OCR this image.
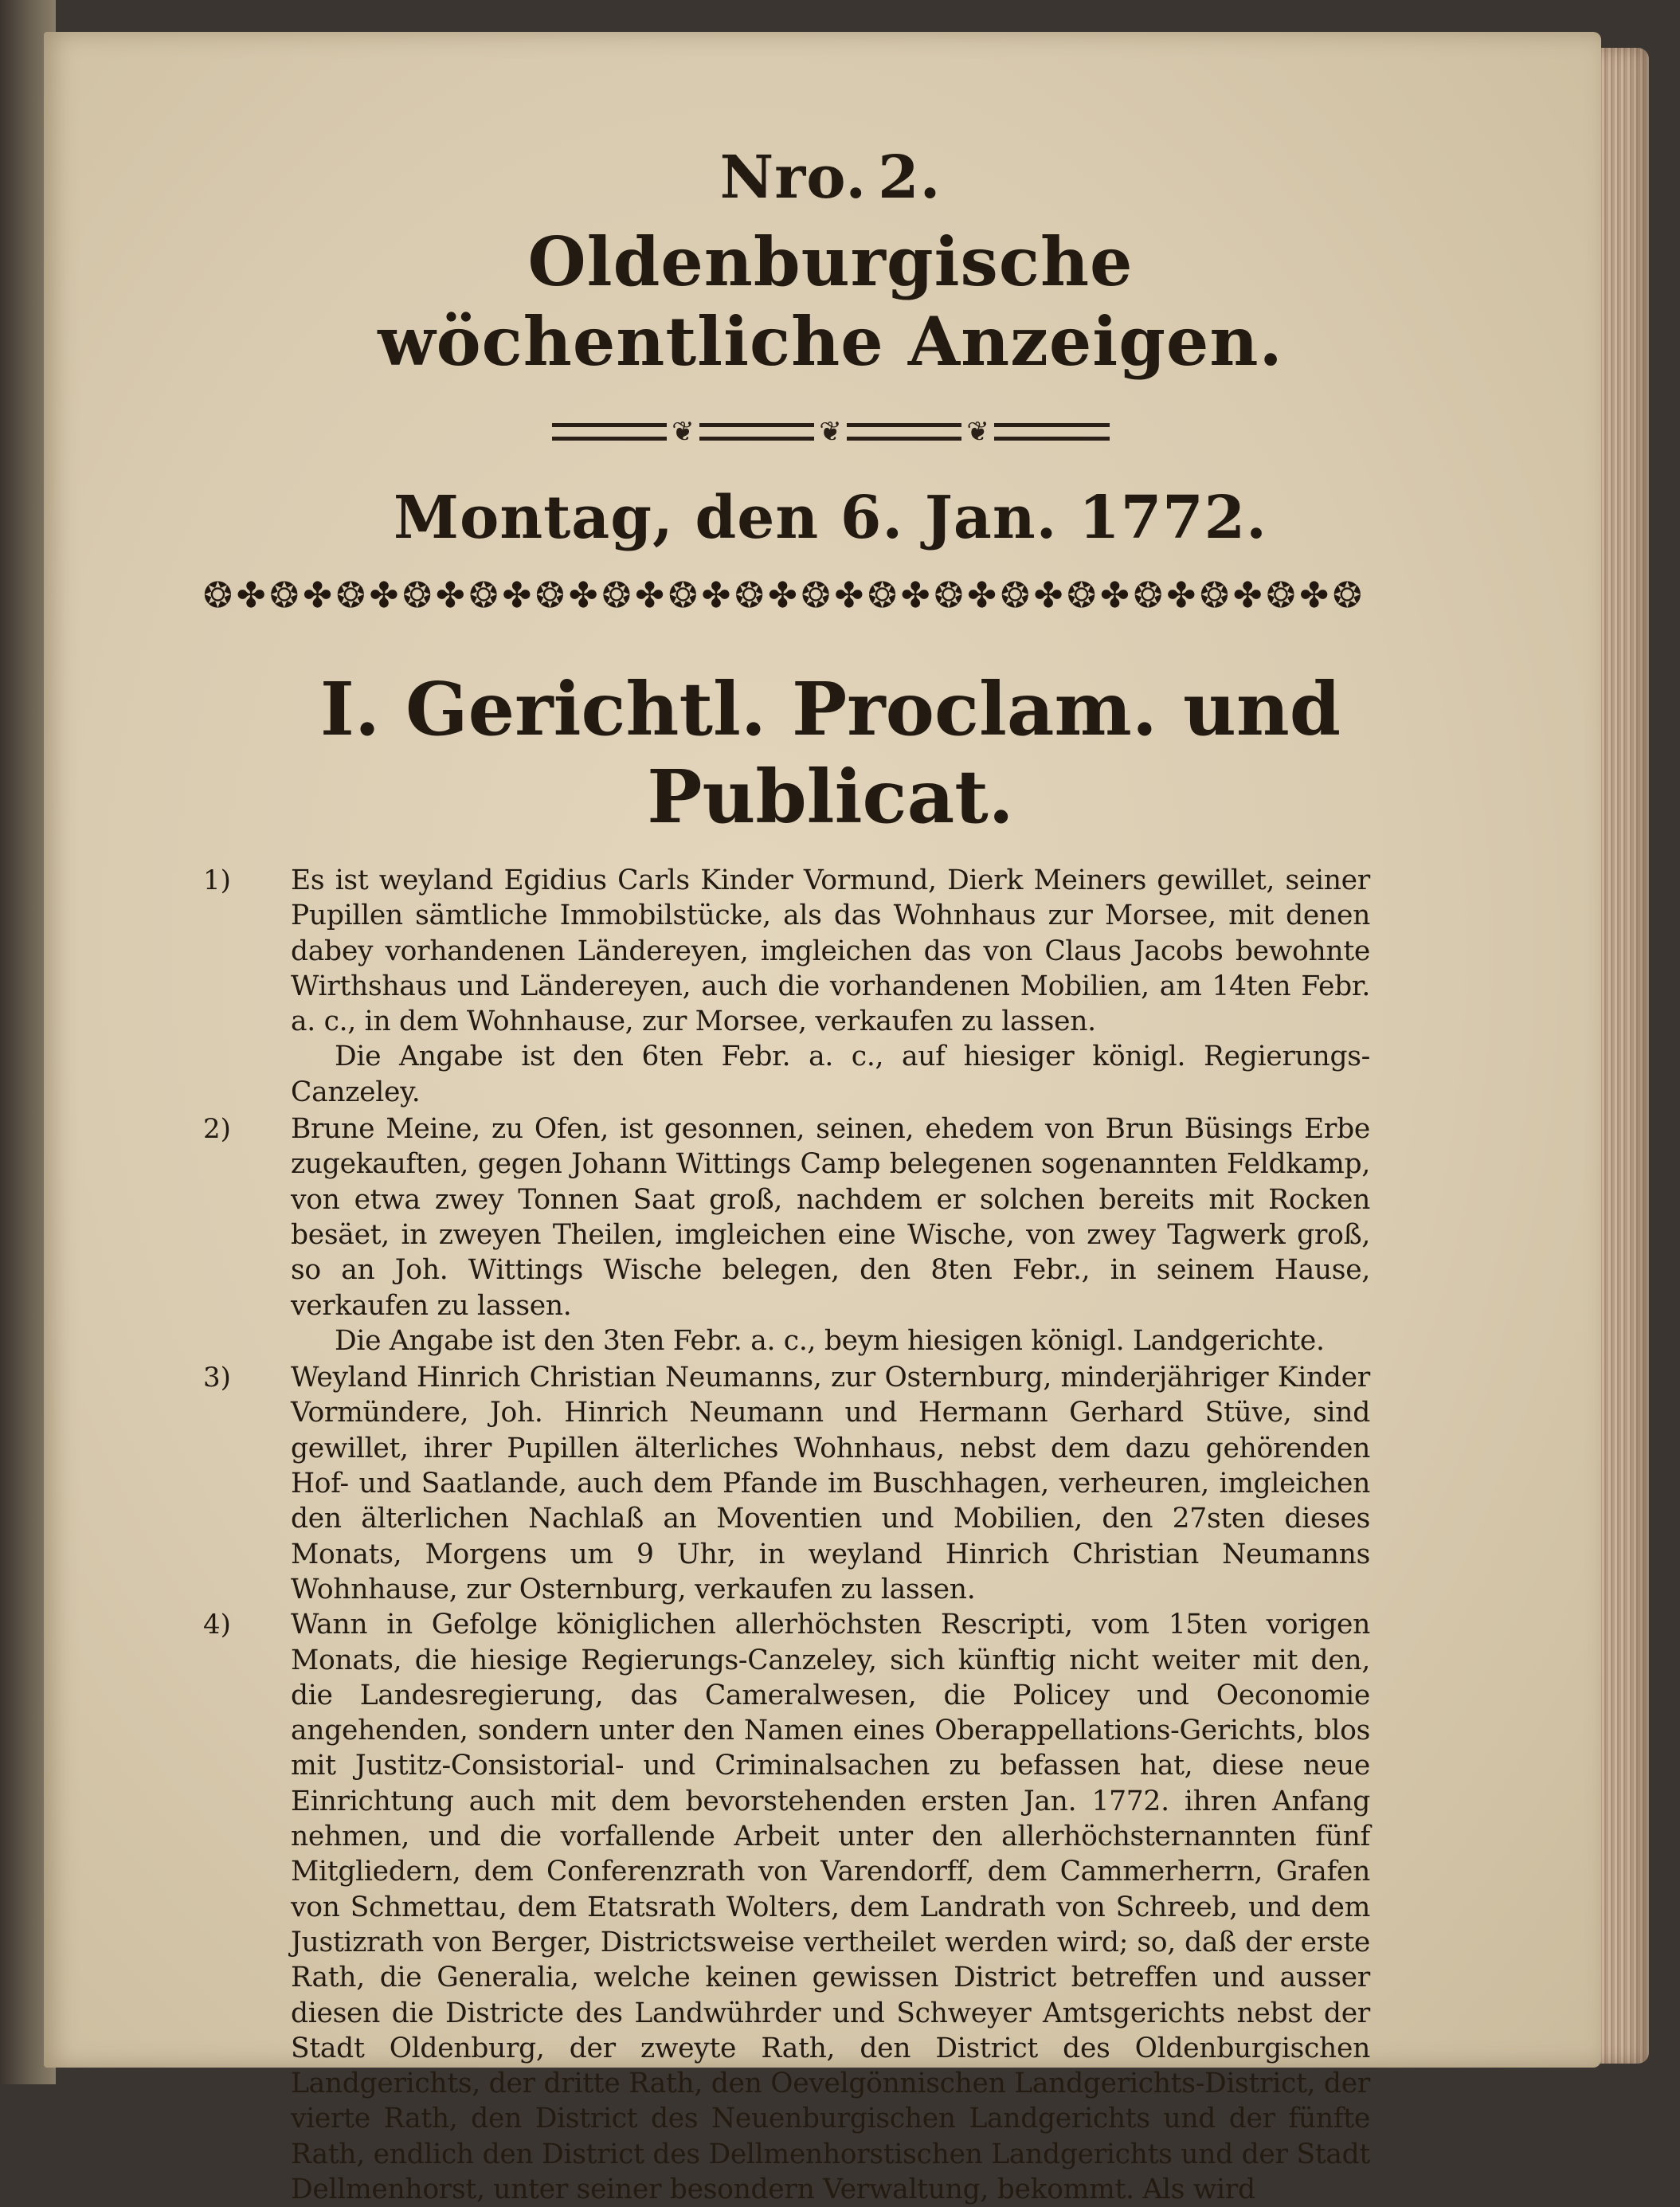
Nro. 2.
Oldenburgische wöchentliche Anzeigen.
❦	❦	❦
Montag, den 6. Jan. 1772.
❂ ✤ ❂ ✤ ❂ ✤ ❂ ✤ ❂ ✤ ❂ ✤ ❂ ✤ ❂ ✤ ❂ ✤ ❂ ✤ ❂ ✤ ❂ ✤ ❂ ✤ ❂ ✤ ❂ ✤ ❂ ✤ ❂ ✤ ❂
I. Gerichtl. Proclam. und Publicat.
1) Es ist weyland Egidius Carls Kinder Vormund, Dierk Meiners gewillet, seiner Pupillen sämtliche Immobilstücke, als das Wohnhaus zur Morsee, mit denen dabey vorhandenen Ländereyen, imgleichen das von Claus Jacobs bewohnte Wirthshaus und Ländereyen, auch die vorhandenen Mobilien, am 14ten Febr. a. c., in dem Wohnhause, zur Morsee, verkaufen zu lassen.

Die Angabe ist den 6ten Febr. a. c., auf hiesiger königl. Regierungs-Canzeley.

2) Brune Meine, zu Ofen, ist gesonnen, seinen, ehedem von Brun Büsings Erbe zugekauften, gegen Johann Wittings Camp belegenen sogenannten Feldkamp, von etwa zwey Tonnen Saat groß, nachdem er solchen bereits mit Rocken besäet, in zweyen Theilen, imgleichen eine Wische, von zwey Tagwerk groß, so an Joh. Wittings Wische belegen, den 8ten Febr., in seinem Hause, verkaufen zu lassen.

Die Angabe ist den 3ten Febr. a. c., beym hiesigen königl. Landgerichte.

3) Weyland Hinrich Christian Neumanns, zur Osternburg, minderjähriger Kinder Vormündere, Joh. Hinrich Neumann und Hermann Gerhard Stüve, sind gewillet, ihrer Pupillen älterliches Wohnhaus, nebst dem dazu gehörenden Hof- und Saatlande, auch dem Pfande im Buschhagen, verheuren, imgleichen den älterlichen Nachlaß an Moventien und Mobilien, den 27sten dieses Monats, Morgens um 9 Uhr, in weyland Hinrich Christian Neumanns Wohnhause, zur Osternburg, verkaufen zu lassen.

4) Wann in Gefolge königlichen allerhöchsten Rescripti, vom 15ten vorigen Monats, die hiesige Regierungs-Canzeley, sich künftig nicht weiter mit den, die Landesregierung, das Cameralwesen, die Policey und Oeconomie angehenden, sondern unter den Namen eines Oberappellations-Gerichts, blos mit Justitz-Consistorial- und Criminalsachen zu befassen hat, diese neue Einrichtung auch mit dem bevorstehenden ersten Jan. 1772. ihren Anfang nehmen, und die vorfallende Arbeit unter den allerhöchsternannten fünf Mitgliedern, dem Conferenzrath von Varendorff, dem Cammerherrn, Grafen von Schmettau, dem Etatsrath Wolters, dem Landrath von Schreeb, und dem Justizrath von Berger, Districtsweise vertheilet werden wird; so, daß der erste Rath, die Generalia, welche keinen gewissen District betreffen und ausser diesen die Districte des Landwührder und Schweyer Amtsgerichts nebst der Stadt Oldenburg, der zweyte Rath, den District des Oldenburgischen Landgerichts, der dritte Rath, den Oevelgönnischen Landgerichts-District, der vierte Rath, den District des Neuenburgischen Landgerichts und der fünfte Rath, endlich den District des Dellmenhorstischen Landgerichts und der Stadt Dellmenhorst, unter seiner besondern Verwaltung, bekommt. Als wird
